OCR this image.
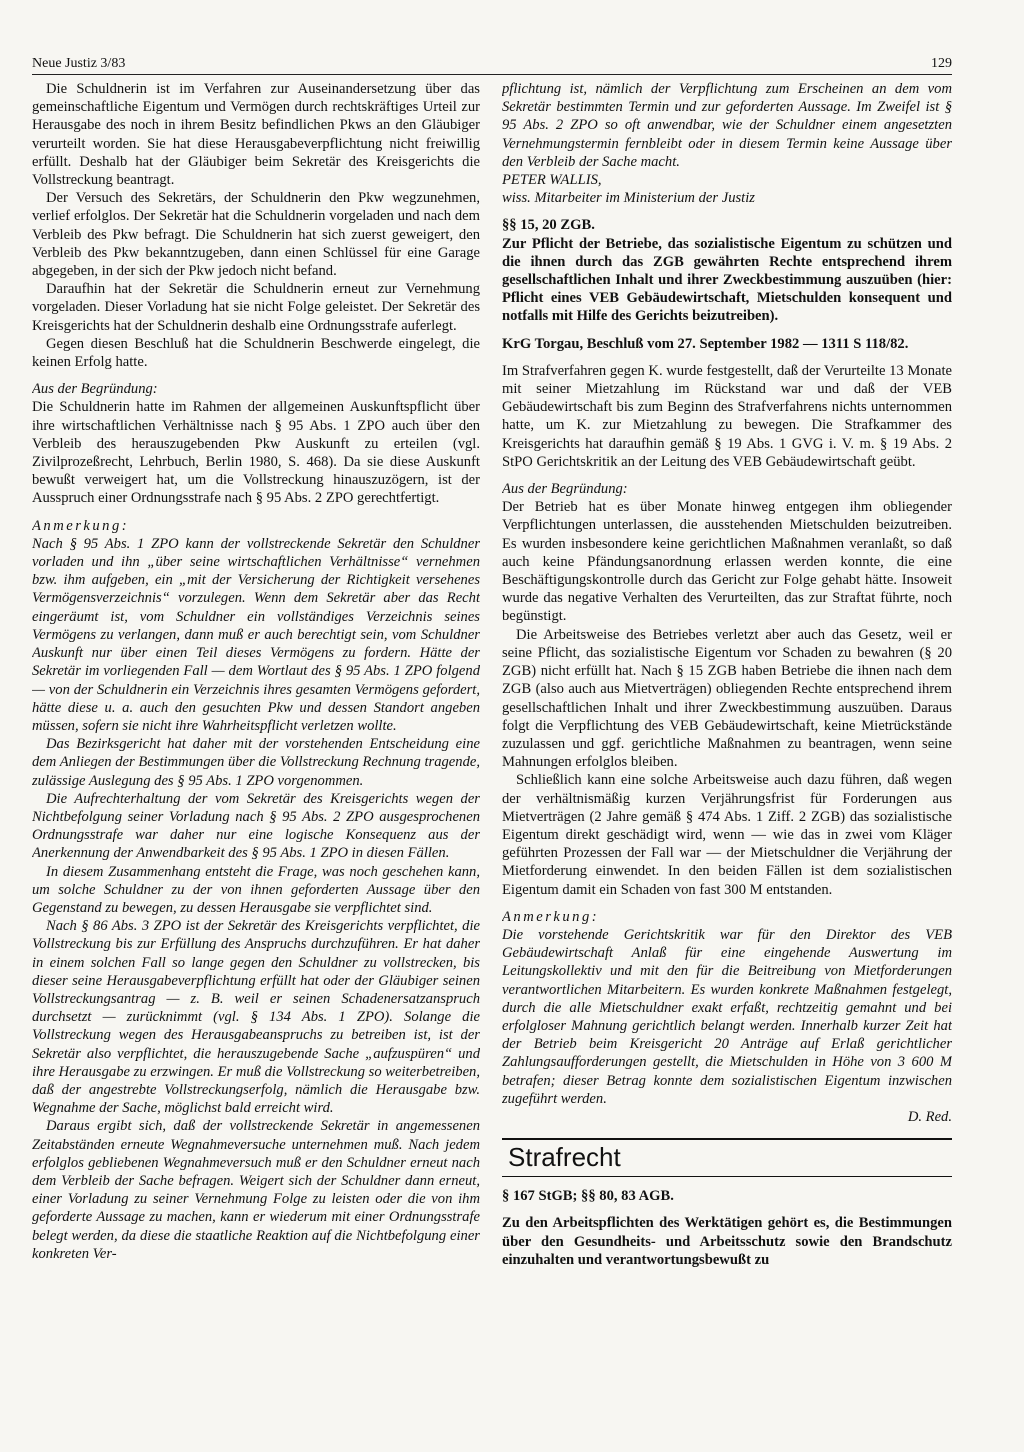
Neue Justiz 3/83	129

Die Schuldnerin ist im Verfahren zur Auseinandersetzung über das gemeinschaftliche Eigentum und Vermögen durch rechtskräftiges Urteil zur Herausgabe des noch in ihrem Besitz befindlichen Pkws an den Gläubiger verurteilt worden. Sie hat diese Herausgabeverpflichtung nicht freiwillig erfüllt. Deshalb hat der Gläubiger beim Sekretär des Kreisgerichts die Vollstreckung beantragt.

Der Versuch des Sekretärs, der Schuldnerin den Pkw wegzunehmen, verlief erfolglos. Der Sekretär hat die Schuldnerin vorgeladen und nach dem Verbleib des Pkw befragt. Die Schuldnerin hat sich zuerst geweigert, den Verbleib des Pkw bekanntzugeben, dann einen Schlüssel für eine Garage abgegeben, in der sich der Pkw jedoch nicht befand.

Daraufhin hat der Sekretär die Schuldnerin erneut zur Vernehmung vorgeladen. Dieser Vorladung hat sie nicht Folge geleistet. Der Sekretär des Kreisgerichts hat der Schuldnerin deshalb eine Ordnungsstrafe auferlegt.

Gegen diesen Beschluß hat die Schuldnerin Beschwerde eingelegt, die keinen Erfolg hatte.

Aus der Begründung:

Die Schuldnerin hatte im Rahmen der allgemeinen Auskunftspflicht über ihre wirtschaftlichen Verhältnisse nach § 95 Abs. 1 ZPO auch über den Verbleib des herauszugebenden Pkw Auskunft zu erteilen (vgl. Zivilprozeßrecht, Lehrbuch, Berlin 1980, S. 468). Da sie diese Auskunft bewußt verweigert hat, um die Vollstreckung hinauszuzögern, ist der Ausspruch einer Ordnungsstrafe nach § 95 Abs. 2 ZPO gerechtfertigt.

Anmerkung:

Nach § 95 Abs. 1 ZPO kann der vollstreckende Sekretär den Schuldner vorladen und ihn „über seine wirtschaftlichen Verhältnisse“ vernehmen bzw. ihm aufgeben, ein „mit der Versicherung der Richtigkeit versehenes Vermögensverzeichnis“ vorzulegen. Wenn dem Sekretär aber das Recht eingeräumt ist, vom Schuldner ein vollständiges Verzeichnis seines Vermögens zu verlangen, dann muß er auch berechtigt sein, vom Schuldner Auskunft nur über einen Teil dieses Vermögens zu fordern. Hätte der Sekretär im vorliegenden Fall — dem Wortlaut des § 95 Abs. 1 ZPO folgend — von der Schuldnerin ein Verzeichnis ihres gesamten Vermögens gefordert, hätte diese u. a. auch den gesuchten Pkw und dessen Standort angeben müssen, sofern sie nicht ihre Wahrheitspflicht verletzen wollte.

Das Bezirksgericht hat daher mit der vorstehenden Entscheidung eine dem Anliegen der Bestimmungen über die Vollstreckung Rechnung tragende, zulässige Auslegung des § 95 Abs. 1 ZPO vorgenommen.

Die Aufrechterhaltung der vom Sekretär des Kreisgerichts wegen der Nichtbefolgung seiner Vorladung nach § 95 Abs. 2 ZPO ausgesprochenen Ordnungsstrafe war daher nur eine logische Konsequenz aus der Anerkennung der Anwendbarkeit des § 95 Abs. 1 ZPO in diesen Fällen.

In diesem Zusammenhang entsteht die Frage, was noch geschehen kann, um solche Schuldner zu der von ihnen geforderten Aussage über den Gegenstand zu bewegen, zu dessen Herausgabe sie verpflichtet sind.

Nach § 86 Abs. 3 ZPO ist der Sekretär des Kreisgerichts verpflichtet, die Vollstreckung bis zur Erfüllung des Anspruchs durchzuführen. Er hat daher in einem solchen Fall so lange gegen den Schuldner zu vollstrecken, bis dieser seine Herausgabeverpflichtung erfüllt hat oder der Gläubiger seinen Vollstreckungsantrag — z. B. weil er seinen Schadenersatzanspruch durchsetzt — zurücknimmt (vgl. § 134 Abs. 1 ZPO). Solange die Vollstreckung wegen des Herausgabeanspruchs zu betreiben ist, ist der Sekretär also verpflichtet, die herauszugebende Sache „aufzuspüren“ und ihre Herausgabe zu erzwingen. Er muß die Vollstreckung so weiterbetreiben, daß der angestrebte Vollstreckungserfolg, nämlich die Herausgabe bzw. Wegnahme der Sache, möglichst bald erreicht wird.

Daraus ergibt sich, daß der vollstreckende Sekretär in angemessenen Zeitabständen erneute Wegnahmeversuche unternehmen muß. Nach jedem erfolglos gebliebenen Wegnahmeversuch muß er den Schuldner erneut nach dem Verbleib der Sache befragen. Weigert sich der Schuldner dann erneut, einer Vorladung zu seiner Vernehmung Folge zu leisten oder die von ihm geforderte Aussage zu machen, kann er wiederum mit einer Ordnungsstrafe belegt werden, da diese die staatliche Reaktion auf die Nichtbefolgung einer konkreten Ver-

pflichtung ist, nämlich der Verpflichtung zum Erscheinen an dem vom Sekretär bestimmten Termin und zur geforderten Aussage. Im Zweifel ist § 95 Abs. 2 ZPO so oft anwendbar, wie der Schuldner einem angesetzten Vernehmungstermin fernbleibt oder in diesem Termin keine Aussage über den Verbleib der Sache macht.

PETER WALLIS,

wiss. Mitarbeiter im Ministerium der Justiz

§§ 15, 20 ZGB.

Zur Pflicht der Betriebe, das sozialistische Eigentum zu schützen und die ihnen durch das ZGB gewährten Rechte entsprechend ihrem gesellschaftlichen Inhalt und ihrer Zweckbestimmung auszuüben (hier: Pflicht eines VEB Gebäudewirtschaft, Mietschulden konsequent und notfalls mit Hilfe des Gerichts beizutreiben).

KrG Torgau, Beschluß vom 27. September 1982 — 1311 S 118/82.

Im Strafverfahren gegen K. wurde festgestellt, daß der Verurteilte 13 Monate mit seiner Mietzahlung im Rückstand war und daß der VEB Gebäudewirtschaft bis zum Beginn des Strafverfahrens nichts unternommen hatte, um K. zur Mietzahlung zu bewegen. Die Strafkammer des Kreisgerichts hat daraufhin gemäß § 19 Abs. 1 GVG i. V. m. § 19 Abs. 2 StPO Gerichtskritik an der Leitung des VEB Gebäudewirtschaft geübt.

Aus der Begründung:

Der Betrieb hat es über Monate hinweg entgegen ihm obliegender Verpflichtungen unterlassen, die ausstehenden Mietschulden beizutreiben. Es wurden insbesondere keine gerichtlichen Maßnahmen veranlaßt, so daß auch keine Pfändungsanordnung erlassen werden konnte, die eine Beschäftigungskontrolle durch das Gericht zur Folge gehabt hätte. Insoweit wurde das negative Verhalten des Verurteilten, das zur Straftat führte, noch begünstigt.

Die Arbeitsweise des Betriebes verletzt aber auch das Gesetz, weil er seine Pflicht, das sozialistische Eigentum vor Schaden zu bewahren (§ 20 ZGB) nicht erfüllt hat. Nach § 15 ZGB haben Betriebe die ihnen nach dem ZGB (also auch aus Mietverträgen) obliegenden Rechte entsprechend ihrem gesellschaftlichen Inhalt und ihrer Zweckbestimmung auszuüben. Daraus folgt die Verpflichtung des VEB Gebäudewirtschaft, keine Mietrückstände zuzulassen und ggf. gerichtliche Maßnahmen zu beantragen, wenn seine Mahnungen erfolglos bleiben.

Schließlich kann eine solche Arbeitsweise auch dazu führen, daß wegen der verhältnismäßig kurzen Verjährungsfrist für Forderungen aus Mietverträgen (2 Jahre gemäß § 474 Abs. 1 Ziff. 2 ZGB) das sozialistische Eigentum direkt geschädigt wird, wenn — wie das in zwei vom Kläger geführten Prozessen der Fall war — der Mietschuldner die Verjährung der Mietforderung einwendet. In den beiden Fällen ist dem sozialistischen Eigentum damit ein Schaden von fast 300 M entstanden.

Anmerkung:

Die vorstehende Gerichtskritik war für den Direktor des VEB Gebäudewirtschaft Anlaß für eine eingehende Auswertung im Leitungskollektiv und mit den für die Beitreibung von Mietforderungen verantwortlichen Mitarbeitern. Es wurden konkrete Maßnahmen festgelegt, durch die alle Mietschuldner exakt erfaßt, rechtzeitig gemahnt und bei erfolgloser Mahnung gerichtlich belangt werden. Innerhalb kurzer Zeit hat der Betrieb beim Kreisgericht 20 Anträge auf Erlaß gerichtlicher Zahlungsaufforderungen gestellt, die Mietschulden in Höhe von 3 600 M betrafen; dieser Betrag konnte dem sozialistischen Eigentum inzwischen zugeführt werden.

D. Red.

Strafrecht

§ 167 StGB; §§ 80, 83 AGB.

Zu den Arbeitspflichten des Werktätigen gehört es, die Bestimmungen über den Gesundheits- und Arbeitsschutz sowie den Brandschutz einzuhalten und verantwortungsbewußt zu
